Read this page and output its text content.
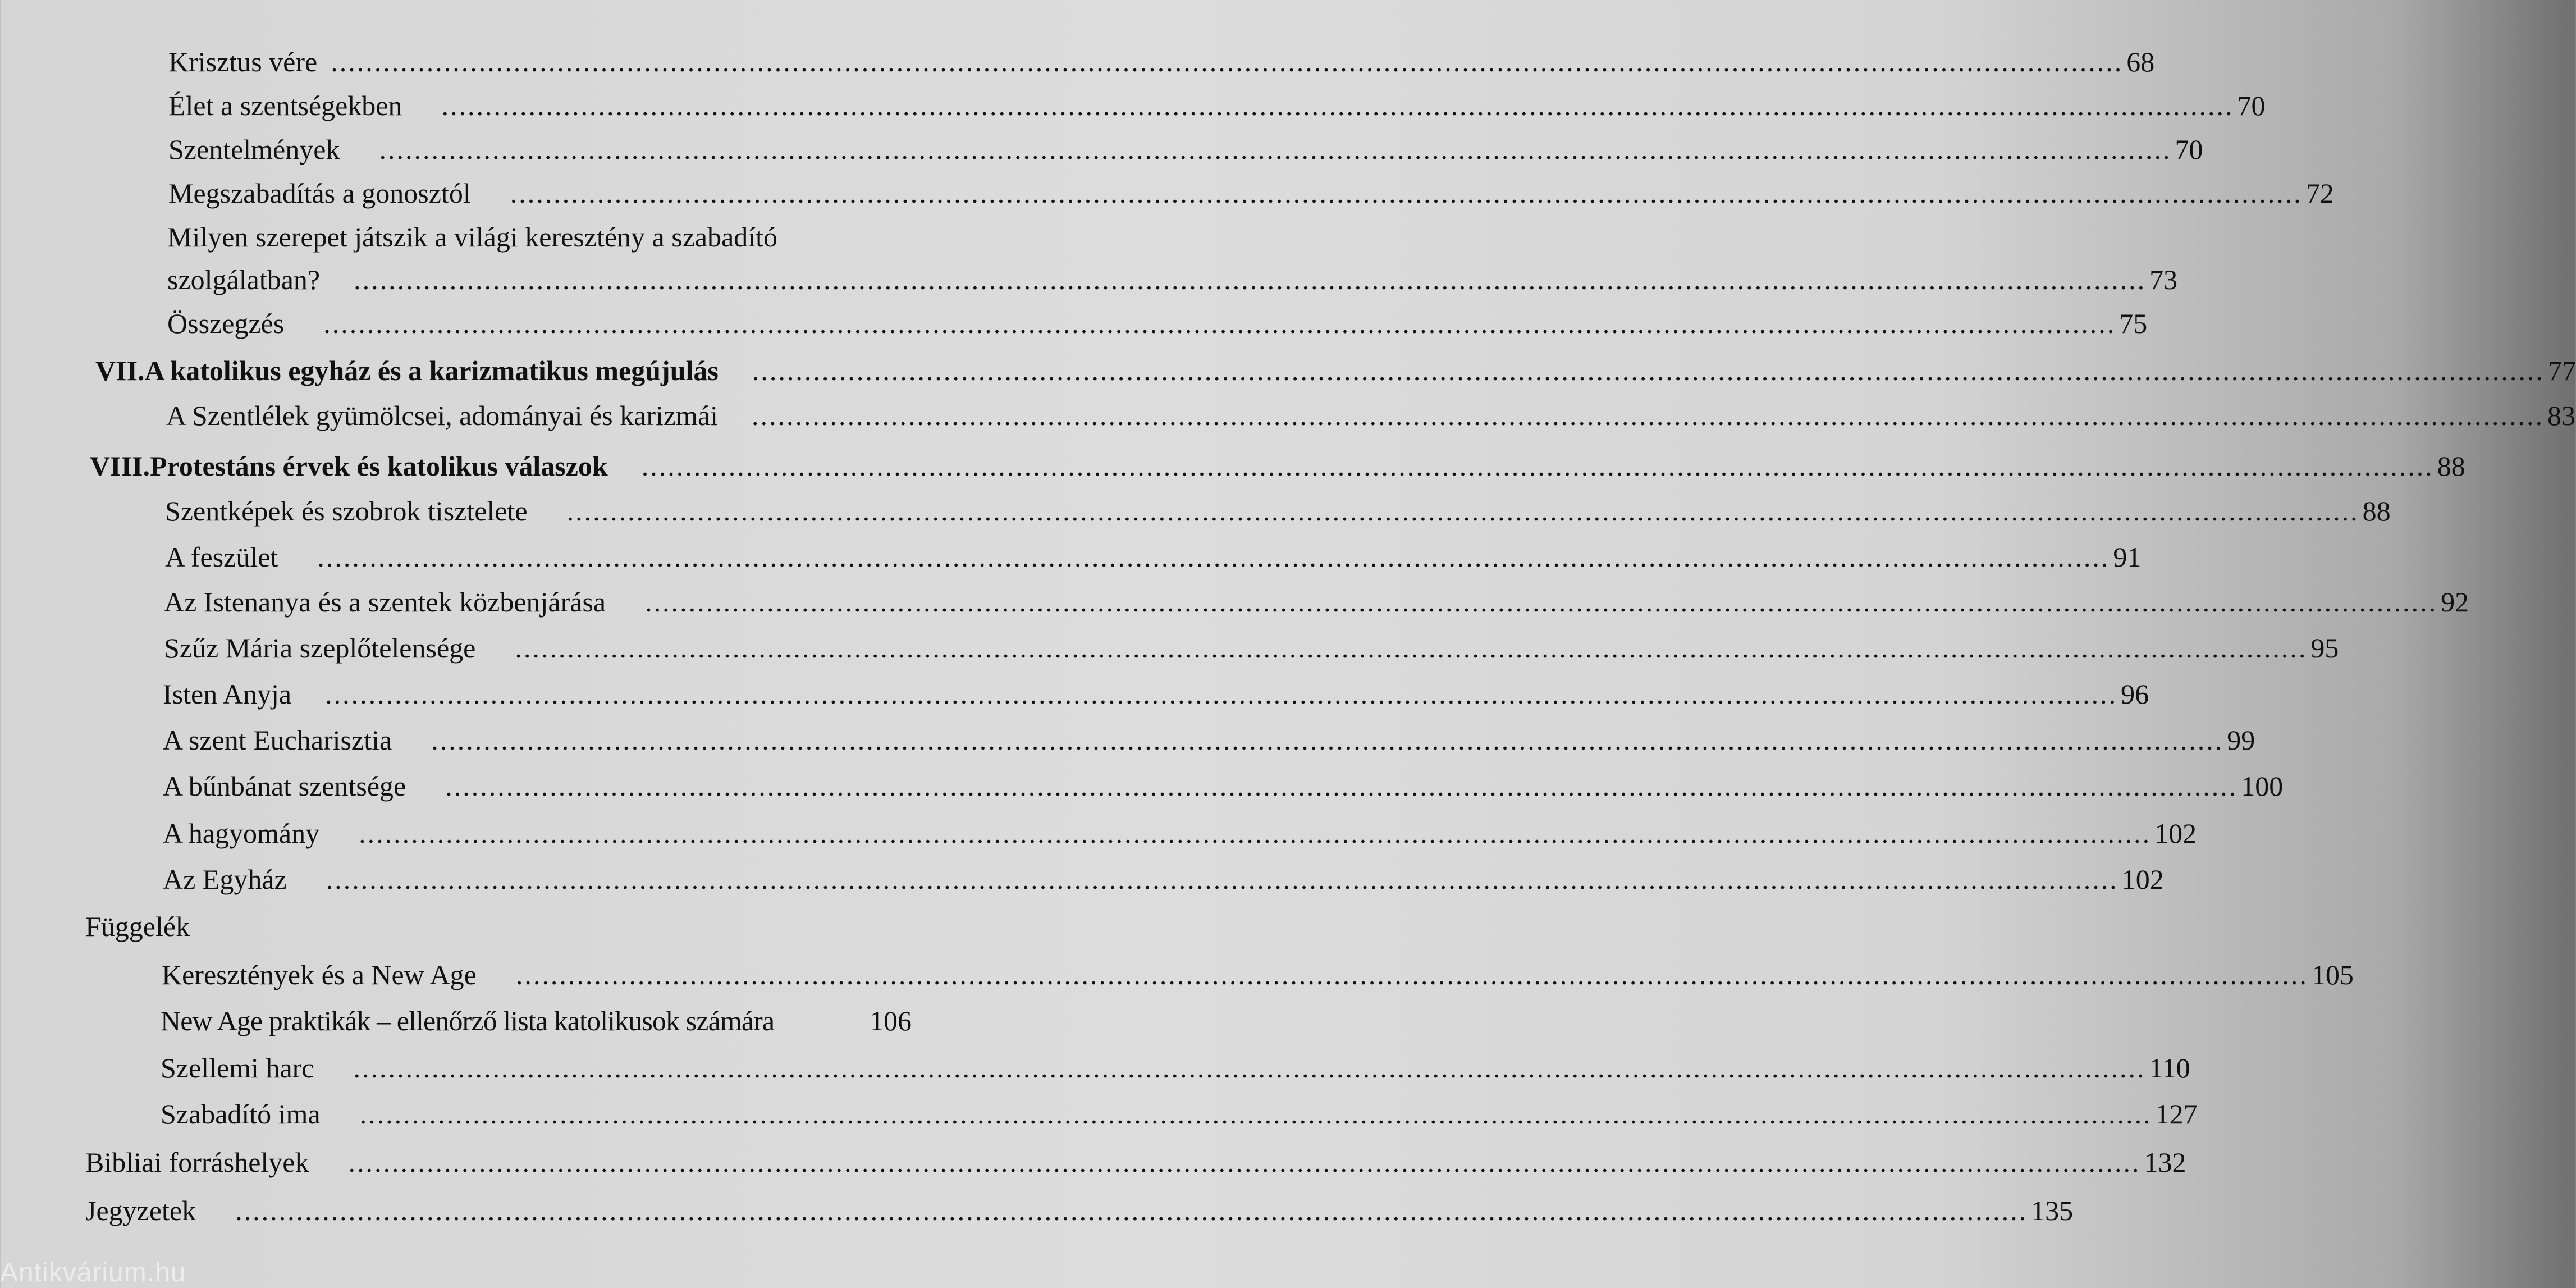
Krisztus vére .............................................................................................................................................................................................................. 68
Élet a szentségekben .............................................................................................................................................................................................................. 70
Szentelmények .............................................................................................................................................................................................................. 70
Megszabadítás a gonosztól .............................................................................................................................................................................................................. 72
Milyen szerepet játszik a világi keresztény a szabadító
szolgálatban? .............................................................................................................................................................................................................. 73
Összegzés .............................................................................................................................................................................................................. 75
VII. A katolikus egyház és a karizmatikus megújulás .............................................................................................................................................................................................................. 77
A Szentlélek gyümölcsei, adományai és karizmái .............................................................................................................................................................................................................. 83
VIII. Protestáns érvek és katolikus válaszok .............................................................................................................................................................................................................. 88
Szentképek és szobrok tisztelete .............................................................................................................................................................................................................. 88
A feszület .............................................................................................................................................................................................................. 91
Az Istenanya és a szentek közbenjárása .............................................................................................................................................................................................................. 92
Szűz Mária szeplőtelensége .............................................................................................................................................................................................................. 95
Isten Anyja .............................................................................................................................................................................................................. 96
A szent Eucharisztia .............................................................................................................................................................................................................. 99
A bűnbánat szentsége .............................................................................................................................................................................................................. 100
A hagyomány .............................................................................................................................................................................................................. 102
Az Egyház .............................................................................................................................................................................................................. 102
Függelék
Keresztények és a New Age .............................................................................................................................................................................................................. 105
New Age praktikák – ellenőrző lista katolikusok számára	106
Szellemi harc .............................................................................................................................................................................................................. 110
Szabadító ima .............................................................................................................................................................................................................. 127
Bibliai forráshelyek .............................................................................................................................................................................................................. 132
Jegyzetek .............................................................................................................................................................................................................. 135
Antikvárium.hu
